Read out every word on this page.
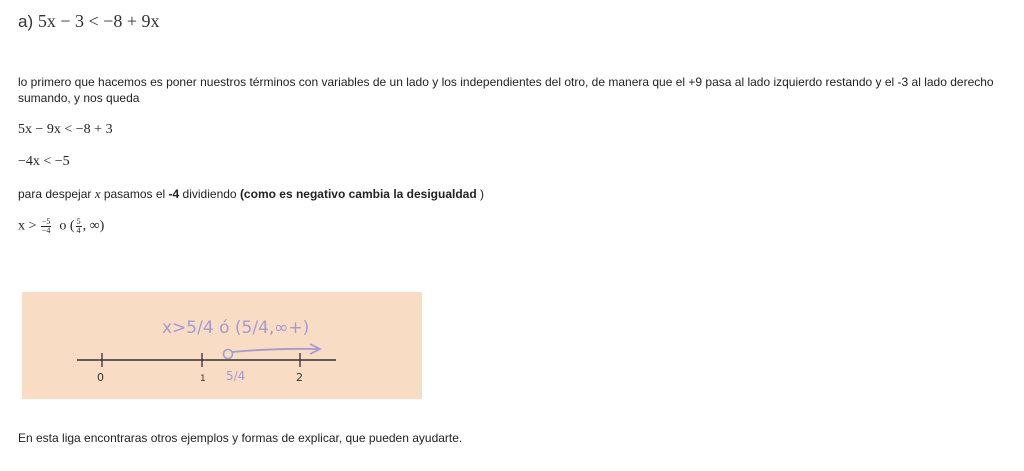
a) 5x − 3 < −8 + 9x
lo primero que hacemos es poner nuestros términos con variables de un lado y los independientes del otro, de manera que el +9 pasa al lado izquierdo restando y el -3 al lado derecho sumando, y nos queda
5x − 9x < −8 + 3
−4x < −5
para despejar x pasamos el -4 dividiendo (como es negativo cambia la desigualdad )
$x > \frac{-5}{-4}$ o ( $\frac{5}{4}$ , ∞)
x>5/4 ó (5/4,∞+)
0	1 5/4	2
En esta liga encontraras otros ejemplos y formas de explicar, que pueden ayudarte.
